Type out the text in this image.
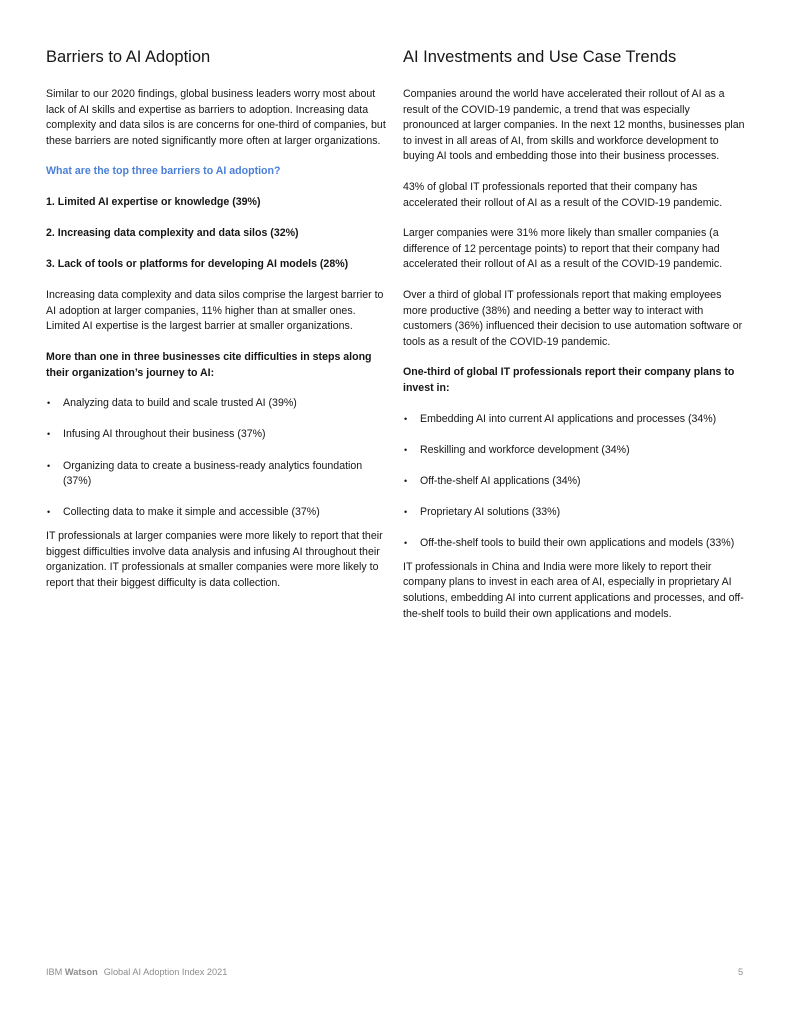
Barriers to AI Adoption

Similar to our 2020 findings, global business leaders worry most about lack of AI skills and expertise as barriers to adoption. Increasing data complexity and data silos is are concerns for one-third of companies, but these barriers are noted significantly more often at larger organizations.

What are the top three barriers to AI adoption?

1. Limited AI expertise or knowledge (39%)

2. Increasing data complexity and data silos (32%)

3. Lack of tools or platforms for developing AI models (28%)

Increasing data complexity and data silos comprise the largest barrier to AI adoption at larger companies, 11% higher than at smaller ones. Limited AI expertise is the largest barrier at smaller organizations.

More than one in three businesses cite difficulties in steps along their organization’s journey to AI:

• Analyzing data to build and scale trusted AI (39%)
• Infusing AI throughout their business (37%)
• Organizing data to create a business-ready analytics foundation (37%)
• Collecting data to make it simple and accessible (37%)

IT professionals at larger companies were more likely to report that their biggest difficulties involve data analysis and infusing AI throughout their organization. IT professionals at smaller companies were more likely to report that their biggest difficulty is data collection.

AI Investments and Use Case Trends

Companies around the world have accelerated their rollout of AI as a result of the COVID-19 pandemic, a trend that was especially pronounced at larger companies. In the next 12 months, businesses plan to invest in all areas of AI, from skills and workforce development to buying AI tools and embedding those into their business processes.

43% of global IT professionals reported that their company has accelerated their rollout of AI as a result of the COVID-19 pandemic.

Larger companies were 31% more likely than smaller companies (a difference of 12 percentage points) to report that their company had accelerated their rollout of AI as a result of the COVID-19 pandemic.

Over a third of global IT professionals report that making employees more productive (38%) and needing a better way to interact with customers (36%) influenced their decision to use automation software or tools as a result of the COVID-19 pandemic.

One-third of global IT professionals report their company plans to invest in:

• Embedding AI into current AI applications and processes (34%)
• Reskilling and workforce development (34%)
• Off-the-shelf AI applications (34%)
• Proprietary AI solutions (33%)
• Off-the-shelf tools to build their own applications and models (33%)

IT professionals in China and India were more likely to report their company plans to invest in each area of AI, especially in proprietary AI solutions, embedding AI into current applications and processes, and off-the-shelf tools to build their own applications and models.

IBM Watson Global AI Adoption Index 2021	5
